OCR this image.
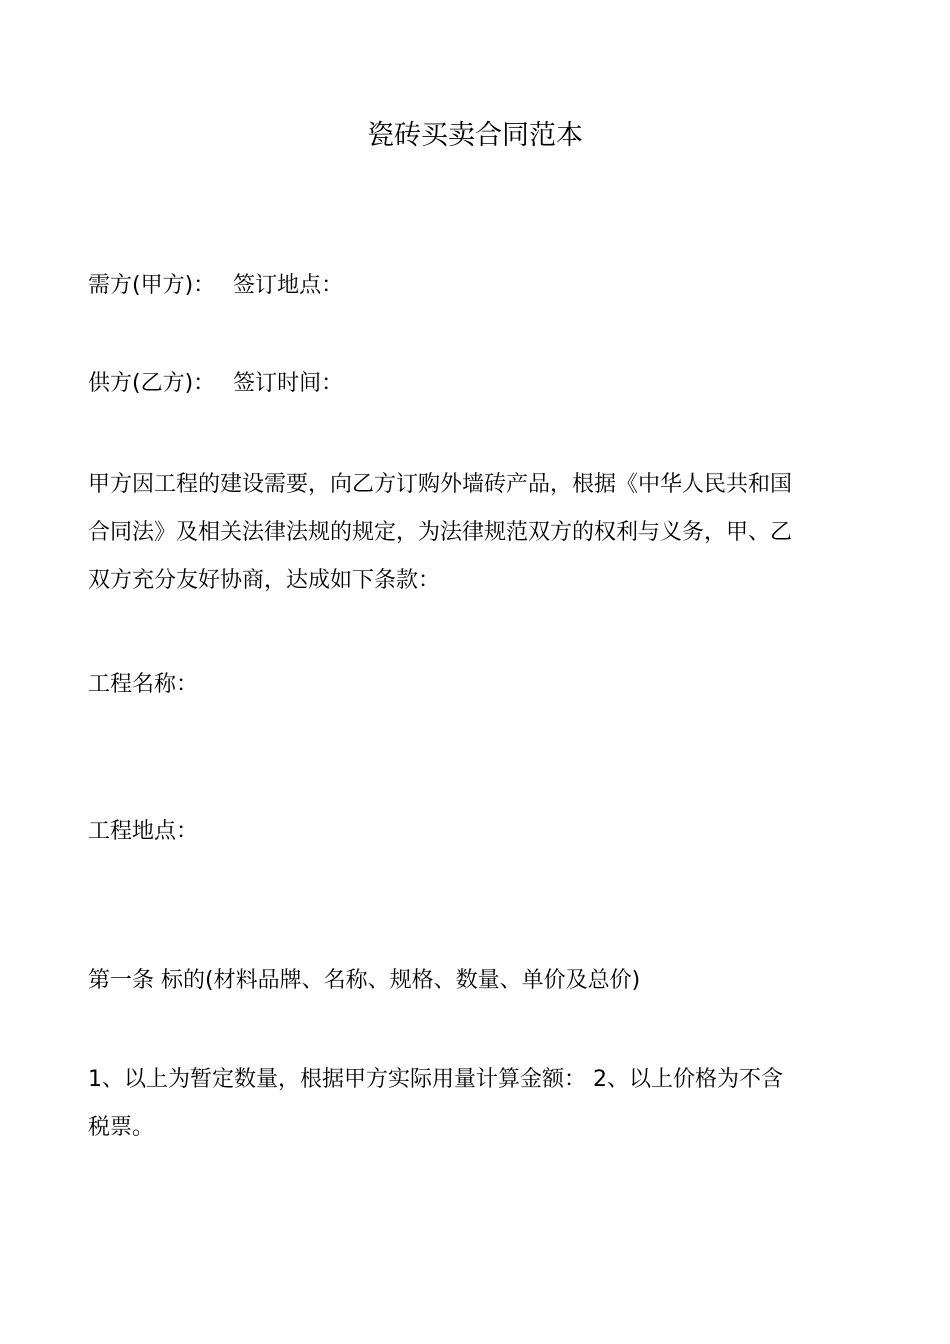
瓷砖买卖合同范本
需方(甲方)： 签订地点：
供方(乙方)： 签订时间：
甲方因工程的建设需要，向乙方订购外墙砖产品，根据《中华人民共和国
合同法》及相关法律法规的规定，为法律规范双方的权利与义务，甲、乙
双方充分友好协商，达成如下条款：
工程名称：
工程地点：
第一条 标的(材料品牌、名称、规格、数量、单价及总价)
1、以上为暂定数量，根据甲方实际用量计算金额： 2、以上价格为不含
税票。
